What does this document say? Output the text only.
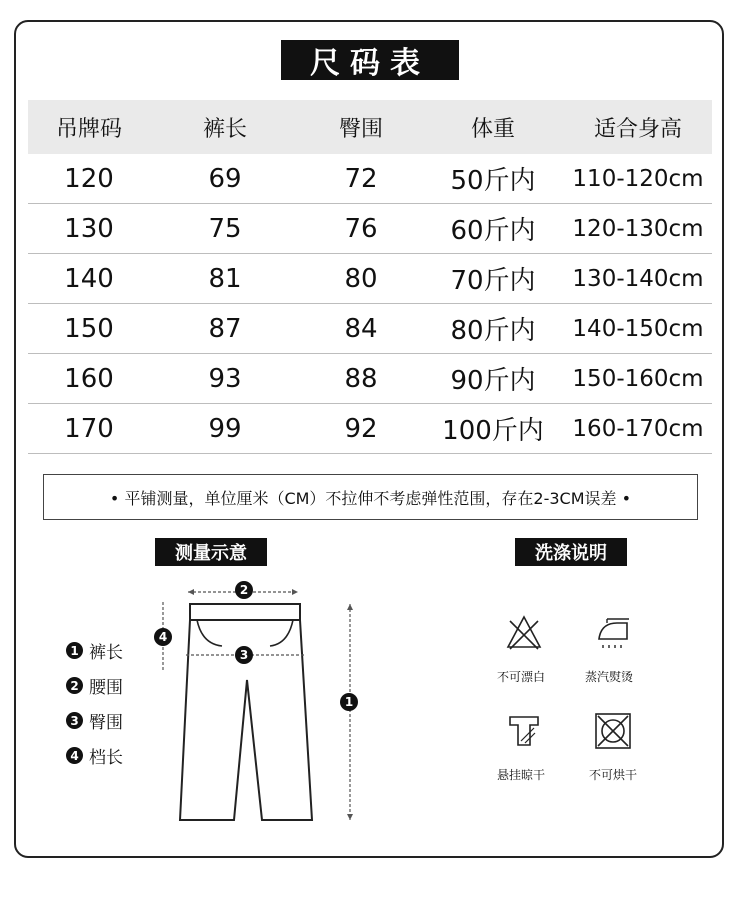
尺码表
吊牌码	裤长	臀围	体重	适合身高
120	69	72	50斤内	110-120cm
130	75	76	60斤内	120-130cm
140	81	80	70斤内	130-140cm
150	87	84	80斤内	140-150cm
160	93	88	90斤内	150-160cm
170	99	92	100斤内	160-170cm
• 平铺测量，单位厘米（CM）不拉伸不考虑弹性范围，存在2-3CM误差 •
测量示意
1 裤长
2 腰围
3 臀围
4 档长
2
4
3
1
洗涤说明
不可漂白	蒸汽熨烫
悬挂晾干	不可烘干
